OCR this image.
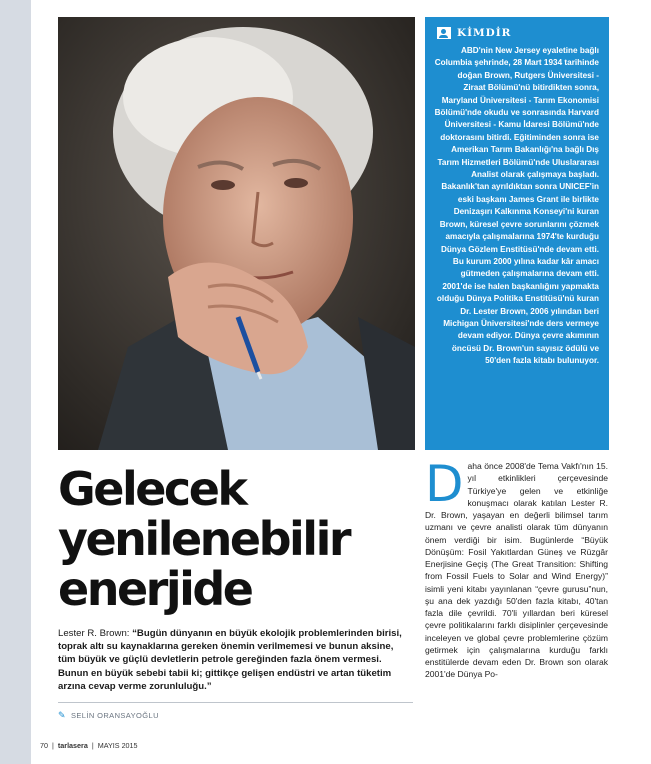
KİMDİR
ABD'nin New Jersey eyaletine bağlı Columbia şehrinde, 28 Mart 1934 tarihinde doğan Brown, Rutgers Üniversitesi - Ziraat Bölümü'nü bitirdikten sonra, Maryland Üniversitesi - Tarım Ekonomisi Bölümü'nde okudu ve sonrasında Harvard Üniversitesi - Kamu İdaresi Bölümü'nde doktorasını bitirdi. Eğitiminden sonra ise Amerikan Tarım Bakanlığı'na bağlı Dış Tarım Hizmetleri Bölümü'nde Uluslararası Analist olarak çalışmaya başladı. Bakanlık'tan ayrıldıktan sonra UNICEF'in eski başkanı James Grant ile birlikte Denizaşırı Kalkınma Konseyi'ni kuran Brown, küresel çevre sorunlarını çözmek amacıyla çalışmalarına 1974'te kurduğu Dünya Gözlem Enstitüsü'nde devam etti. Bu kurum 2000 yılına kadar kâr amacı gütmeden çalışmalarına devam etti. 2001'de ise halen başkanlığını yapmakta olduğu Dünya Politika Enstitüsü'nü kuran Dr. Lester Brown, 2006 yılından beri Michigan Üniversitesi'nde ders vermeye devam ediyor. Dünya çevre akımının öncüsü Dr. Brown'un sayısız ödülü ve 50'den fazla kitabı bulunuyor.
Gelecek
yenilenebilir
enerjide

Lester R. Brown: “Bugün dünyanın en büyük ekolojik problemlerinden birisi, toprak altı su kaynaklarına gereken önemin verilmemesi ve bunun aksine, tüm büyük ve güçlü devletlerin petrole gereğinden fazla önem vermesi. Bunun en büyük sebebi tabii ki; gittikçe gelişen endüstri ve artan tüketim arzına cevap verme zorunluluğu.”

✎ SELİN ORANSAYOĞLU
Daha önce 2008'de Tema Vakfı'nın 15. yıl etkinlikleri çerçevesinde Türkiye'ye gelen ve etkinliğe konuşmacı olarak katılan Lester R. Dr. Brown, yaşayan en değerli bilimsel tarım uzmanı ve çevre analisti olarak tüm dünyanın önem verdiği bir isim. Bugünlerde “Büyük Dönüşüm: Fosil Yakıtlardan Güneş ve Rüzgâr Enerjisine Geçiş (The Great Transition: Shifting from Fossil Fuels to Solar and Wind Energy)” isimli yeni kitabı yayınlanan “çevre gurusu”nun, şu ana dek yazdığı 50'den fazla kitabı, 40'tan fazla dile çevrildi. 70'li yıllardan beri küresel çevre politikalarını farklı disiplinler çerçevesinde inceleyen ve global çevre problemlerine çözüm getirmek için çalışmalarına kurduğu farklı enstitülerde devam eden Dr. Brown son olarak 2001'de Dünya Po-
70 | tarlasera | MAYIS 2015
